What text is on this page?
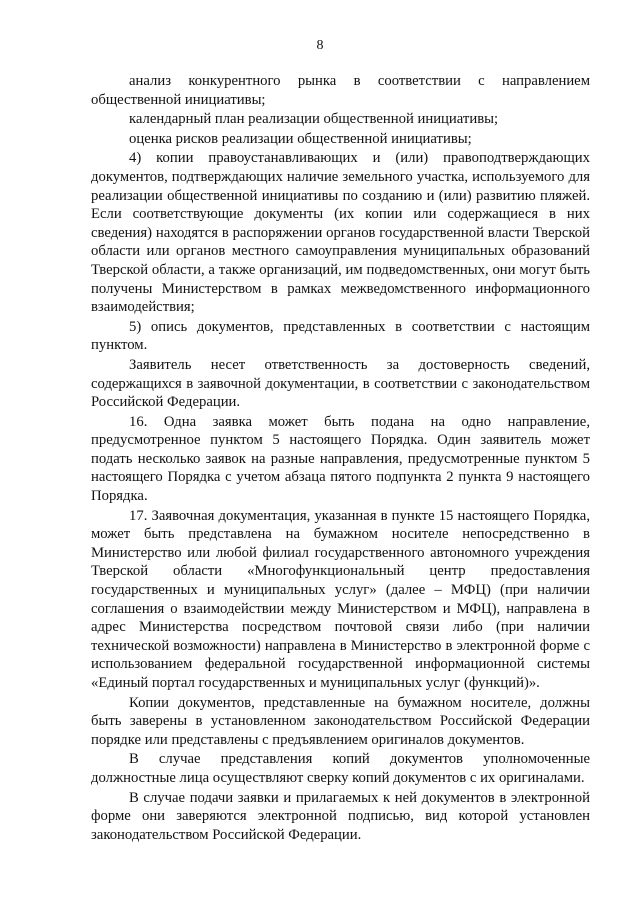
8

анализ конкурентного рынка в соответствии с направлением общественной инициативы;

календарный план реализации общественной инициативы;

оценка рисков реализации общественной инициативы;

4) копии правоустанавливающих и (или) правоподтверждающих документов, подтверждающих наличие земельного участка, используемого для реализации общественной инициативы по созданию и (или) развитию пляжей. Если соответствующие документы (их копии или содержащиеся в них сведения) находятся в распоряжении органов государственной власти Тверской области или органов местного самоуправления муниципальных образований Тверской области, а также организаций, им подведомственных, они могут быть получены Министерством в рамках межведомственного информационного взаимодействия;

5) опись документов, представленных в соответствии с настоящим пунктом.

Заявитель несет ответственность за достоверность сведений, содержащихся в заявочной документации, в соответствии с законодательством Российской Федерации.

16. Одна заявка может быть подана на одно направление, предусмотренное пунктом 5 настоящего Порядка. Один заявитель может подать несколько заявок на разные направления, предусмотренные пунктом 5 настоящего Порядка с учетом абзаца пятого подпункта 2 пункта 9 настоящего Порядка.

17. Заявочная документация, указанная в пункте 15 настоящего Порядка, может быть представлена на бумажном носителе непосредственно в Министерство или любой филиал государственного автономного учреждения Тверской области «Многофункциональный центр предоставления государственных и муниципальных услуг» (далее – МФЦ) (при наличии соглашения о взаимодействии между Министерством и МФЦ), направлена в адрес Министерства посредством почтовой связи либо (при наличии технической возможности) направлена в Министерство в электронной форме с использованием федеральной государственной информационной системы «Единый портал государственных и муниципальных услуг (функций)».

Копии документов, представленные на бумажном носителе, должны быть заверены в установленном законодательством Российской Федерации порядке или представлены с предъявлением оригиналов документов.

В случае представления копий документов уполномоченные должностные лица осуществляют сверку копий документов с их оригиналами.

В случае подачи заявки и прилагаемых к ней документов в электронной форме они заверяются электронной подписью, вид которой установлен законодательством Российской Федерации.
